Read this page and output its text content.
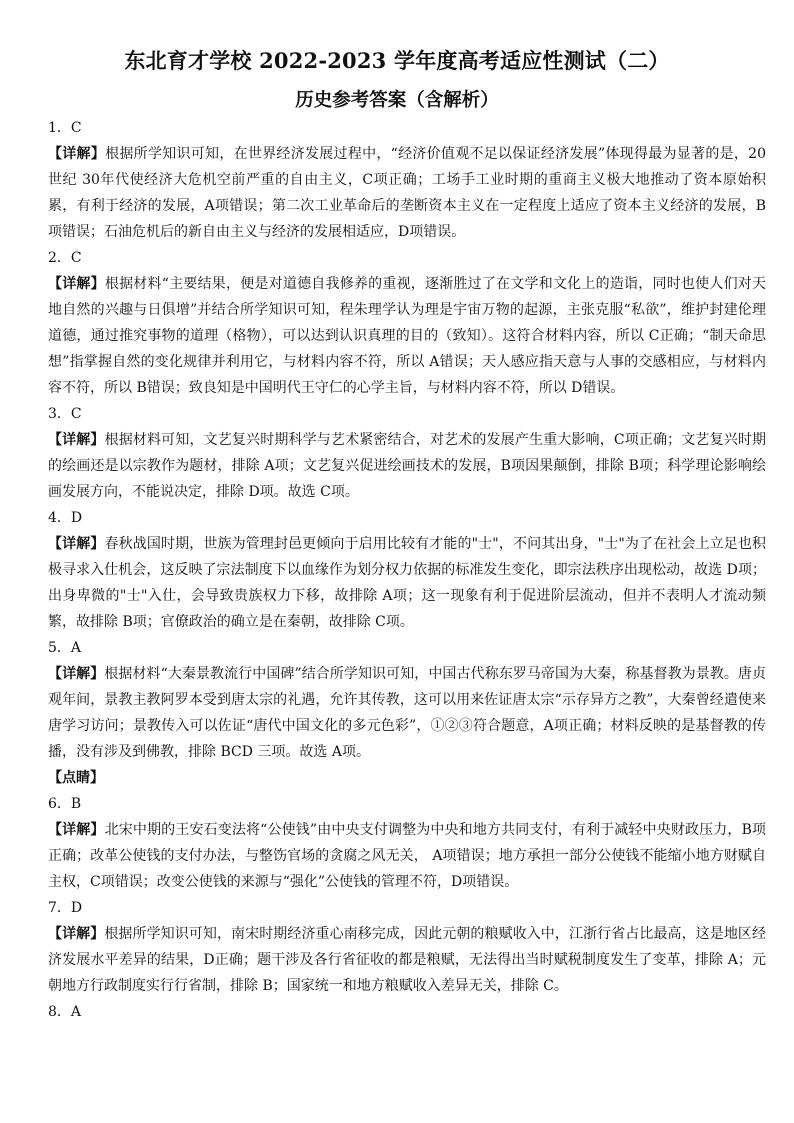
东北育才学校 2022-2023 学年度高考适应性测试（二）
历史参考答案（含解析）
1．C

【详解】根据所学知识可知，在世界经济发展过程中，“经济价值观不足以保证经济发展”体现得最为显著的是，20世纪 30年代使经济大危机空前严重的自由主义，C项正确；工场手工业时期的重商主义极大地推动了资本原始积累，有利于经济的发展，A项错误；第二次工业革命后的垄断资本主义在一定程度上适应了资本主义经济的发展，B项错误；石油危机后的新自由主义与经济的发展相适应，D项错误。

2．C

【详解】根据材料“主要结果，便是对道德自我修养的重视，逐渐胜过了在文学和文化上的造诣，同时也使人们对天地自然的兴趣与日俱增”并结合所学知识可知，程朱理学认为理是宇宙万物的起源，主张克服“私欲”，维护封建伦理道德，通过推究事物的道理（格物），可以达到认识真理的目的（致知）。这符合材料内容，所以 C正确；“制天命思想”指掌握自然的变化规律并利用它，与材料内容不符，所以 A错误；天人感应指天意与人事的交感相应，与材料内容不符，所以 B错误；致良知是中国明代王守仁的心学主旨，与材料内容不符，所以 D错误。

3．C

【详解】根据材料可知，文艺复兴时期科学与艺术紧密结合，对艺术的发展产生重大影响，C项正确；文艺复兴时期的绘画还是以宗教作为题材，排除 A项；文艺复兴促进绘画技术的发展，B项因果颠倒，排除 B项；科学理论影响绘画发展方向，不能说决定，排除 D项。故选 C项。

4．D

【详解】春秋战国时期，世族为管理封邑更倾向于启用比较有才能的"士"，不问其出身，"士"为了在社会上立足也积极寻求入仕机会，这反映了宗法制度下以血缘作为划分权力依据的标准发生变化，即宗法秩序出现松动，故选 D项；出身卑微的"士"入仕，会导致贵族权力下移，故排除 A项；这一现象有利于促进阶层流动，但并不表明人才流动频繁，故排除 B项；官僚政治的确立是在秦朝，故排除 C项。

5．A

【详解】根据材料“大秦景教流行中国碑”结合所学知识可知，中国古代称东罗马帝国为大秦，称基督教为景教。唐贞观年间，景教主教阿罗本受到唐太宗的礼遇，允许其传教，这可以用来佐证唐太宗“示存异方之教”，大秦曾经遣使来唐学习访问；景教传入可以佐证“唐代中国文化的多元色彩”，①②③符合题意，A项正确；材料反映的是基督教的传播，没有涉及到佛教，排除 BCD 三项。故选 A项。

【点睛】

6．B

【详解】北宋中期的王安石变法将“公使钱”由中央支付调整为中央和地方共同支付，有利于减轻中央财政压力，B项正确；改革公使钱的支付办法，与整饬官场的贪腐之风无关， A项错误；地方承担一部分公使钱不能缩小地方财赋自主权，C项错误；改变公使钱的来源与“强化”公使钱的管理不符，D项错误。

7．D

【详解】根据所学知识可知，南宋时期经济重心南移完成，因此元朝的粮赋收入中，江浙行省占比最高，这是地区经济发展水平差异的结果，D正确；题干涉及各行省征收的都是粮赋，无法得出当时赋税制度发生了变革，排除 A；元朝地方行政制度实行行省制，排除 B；国家统一和地方粮赋收入差异无关，排除 C。

8．A
